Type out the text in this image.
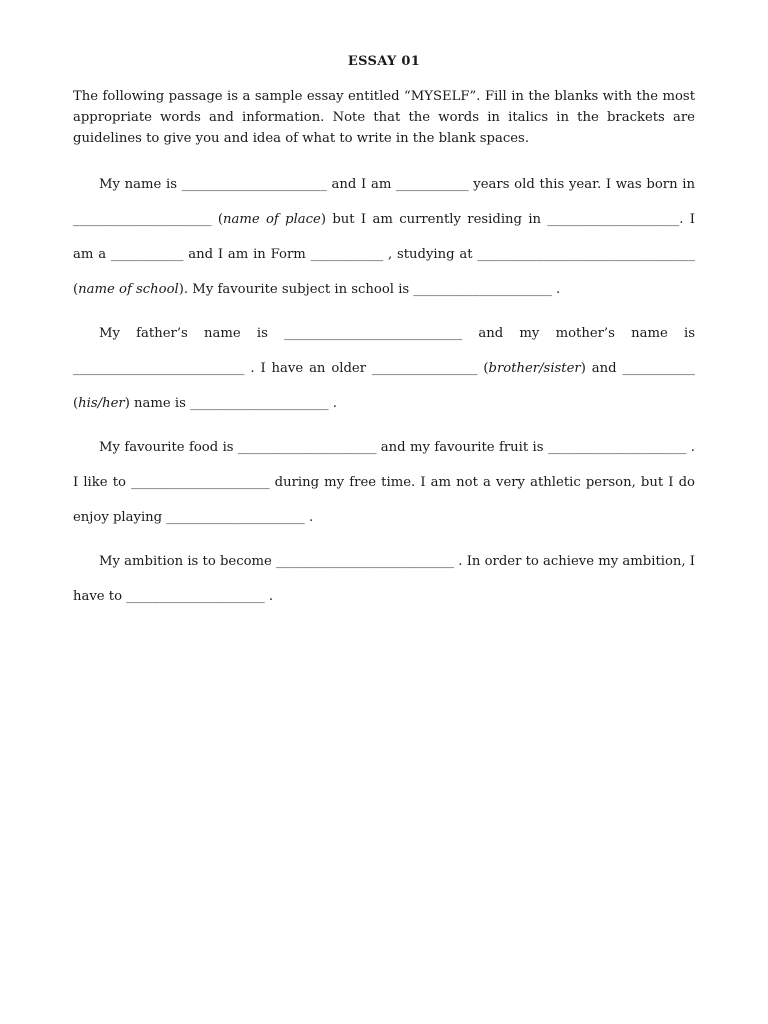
ESSAY 01

The following passage is a sample essay entitled “MYSELF”. Fill in the blanks with the most appropriate words and information. Note that the words in italics in the brackets are guidelines to give you and idea of what to write in the blank spaces.

My name is ______________________ and I am ___________ years old this year. I was born in _____________________ (name of place) but I am currently residing in ____________________. I am a ___________ and I am in Form ___________ , studying at _________________________________ (name of school). My favourite subject in school is _____________________ .

My father’s name is ___________________________ and my mother’s name is __________________________ . I have an older ________________ (brother/sister) and ___________ (his/her) name is _____________________ .

My favourite food is _____________________ and my favourite fruit is _____________________ . I like to _____________________ during my free time. I am not a very athletic person, but I do enjoy playing _____________________ .

My ambition is to become ___________________________ . In order to achieve my ambition, I have to _____________________ .
